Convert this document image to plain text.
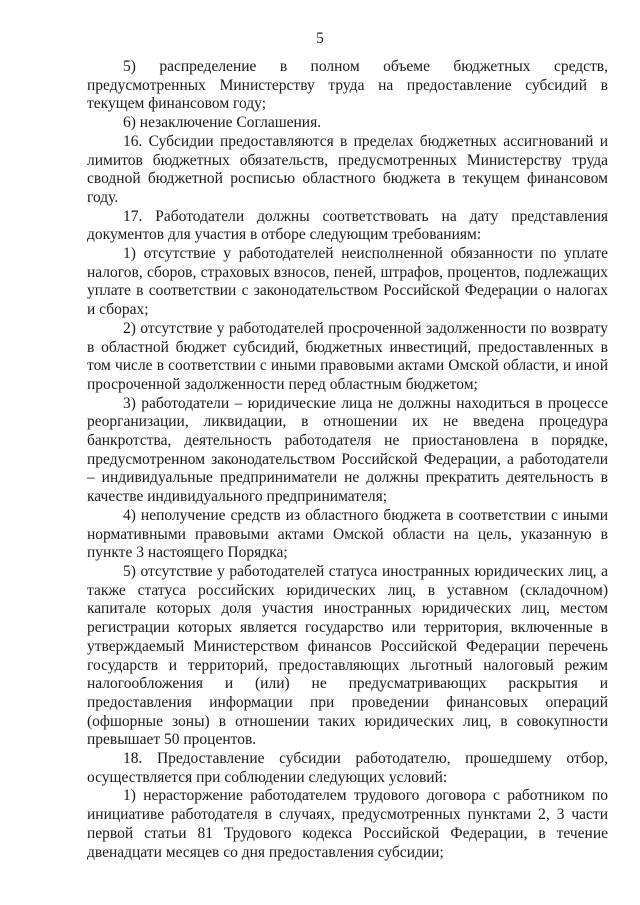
5

5) распределение в полном объеме бюджетных средств, предусмотренных Министерству труда на предоставление субсидий в текущем финансовом году;

6) незаключение Соглашения.

16. Субсидии предоставляются в пределах бюджетных ассигнований и лимитов бюджетных обязательств, предусмотренных Министерству труда сводной бюджетной росписью областного бюджета в текущем финансовом году.

17. Работодатели должны соответствовать на дату представления документов для участия в отборе следующим требованиям:

1) отсутствие у работодателей неисполненной обязанности по уплате налогов, сборов, страховых взносов, пеней, штрафов, процентов, подлежащих уплате в соответствии с законодательством Российской Федерации о налогах и сборах;

2) отсутствие у работодателей просроченной задолженности по возврату в областной бюджет субсидий, бюджетных инвестиций, предоставленных в том числе в соответствии с иными правовыми актами Омской области, и иной просроченной задолженности перед областным бюджетом;

3) работодатели – юридические лица не должны находиться в процессе реорганизации, ликвидации, в отношении их не введена процедура банкротства, деятельность работодателя не приостановлена в порядке, предусмотренном законодательством Российской Федерации, а работодатели – индивидуальные предприниматели не должны прекратить деятельность в качестве индивидуального предпринимателя;

4) неполучение средств из областного бюджета в соответствии с иными нормативными правовыми актами Омской области на цель, указанную в пункте 3 настоящего Порядка;

5) отсутствие у работодателей статуса иностранных юридических лиц, а также статуса российских юридических лиц, в уставном (складочном) капитале которых доля участия иностранных юридических лиц, местом регистрации которых является государство или территория, включенные в утверждаемый Министерством финансов Российской Федерации перечень государств и территорий, предоставляющих льготный налоговый режим налогообложения и (или) не предусматривающих раскрытия и предоставления информации при проведении финансовых операций (офшорные зоны) в отношении таких юридических лиц, в совокупности превышает 50 процентов.

18. Предоставление субсидии работодателю, прошедшему отбор, осуществляется при соблюдении следующих условий:

1) нерасторжение работодателем трудового договора с работником по инициативе работодателя в случаях, предусмотренных пунктами 2, 3 части первой статьи 81 Трудового кодекса Российской Федерации, в течение двенадцати месяцев со дня предоставления субсидии;
